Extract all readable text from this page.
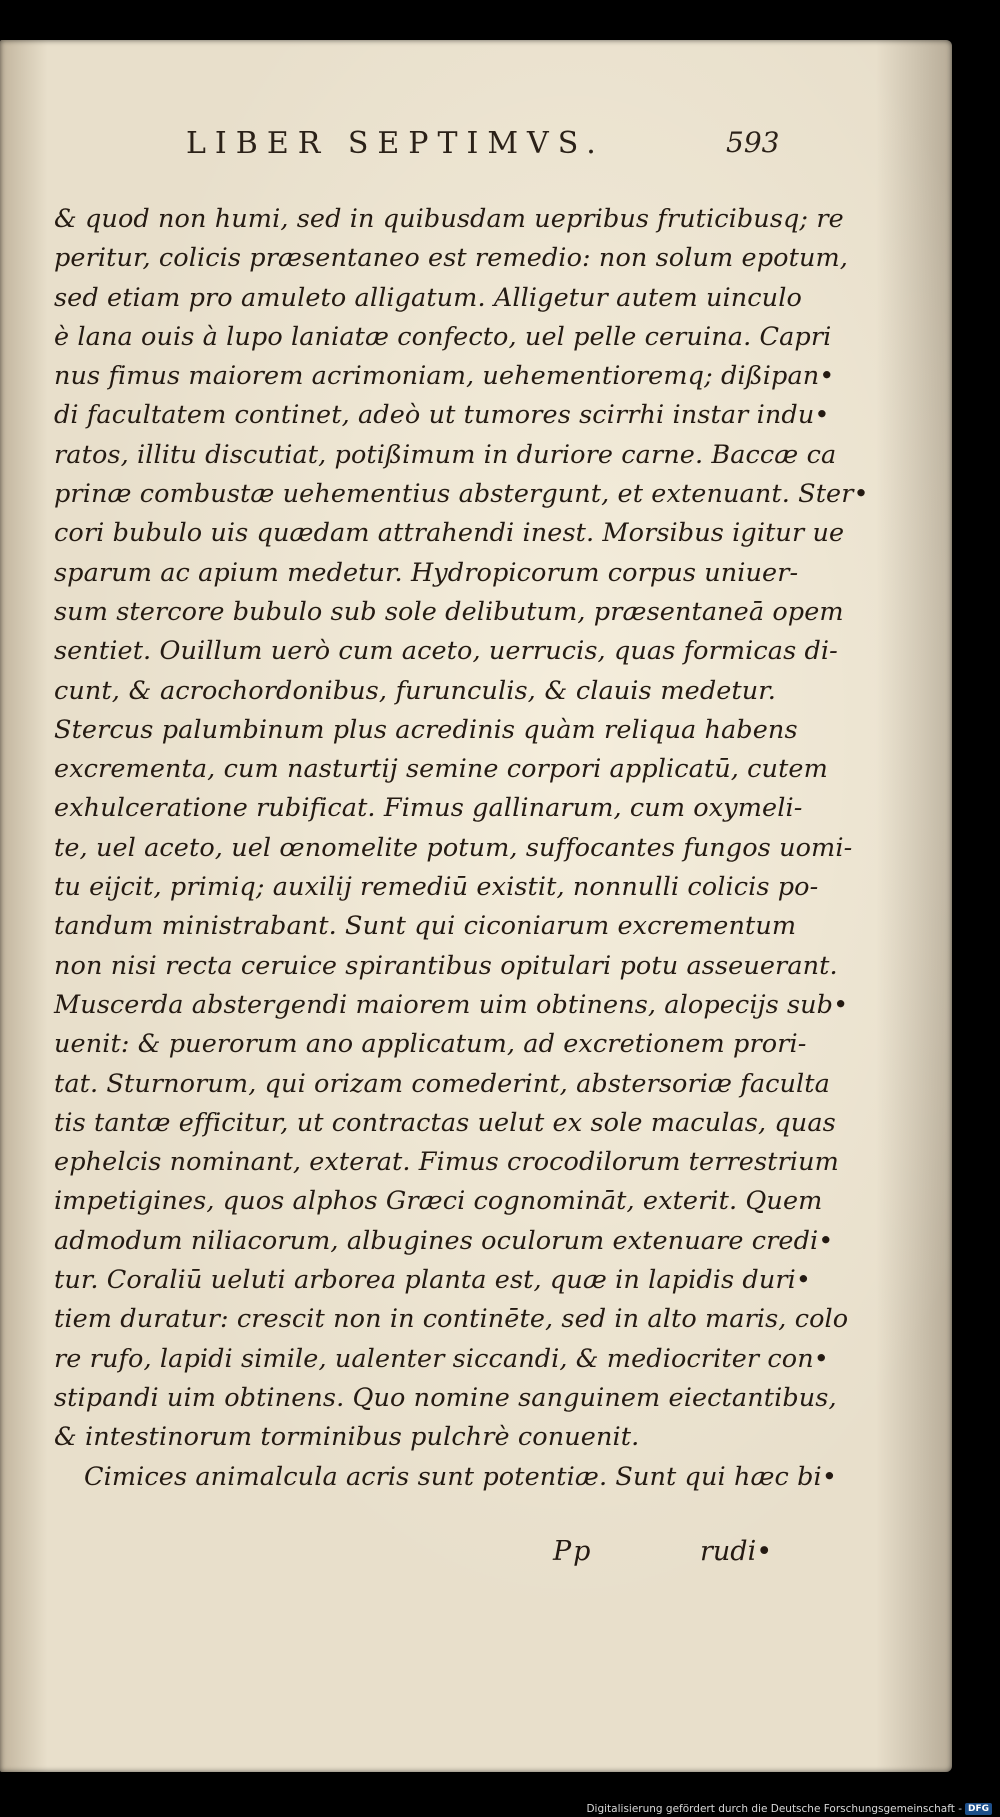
LIBER SEPTIMVS.	593
& quod non humi, sed in quibusdam uepribus fruticibusq; re
peritur, colicis præsentaneo est remedio: non solum epotum,
sed etiam pro amuleto alligatum. Alligetur autem uinculo
è lana ouis à lupo laniatæ confecto, uel pelle ceruina. Capri
nus fimus maiorem acrimoniam, uehementioremq; dißipan•
di facultatem continet, adeò ut tumores scirrhi instar indu•
ratos, illitu discutiat, potißimum in duriore carne. Baccæ ca
prinæ combustæ uehementius abstergunt, et extenuant. Ster•
cori bubulo uis quædam attrahendi inest. Morsibus igitur ue
sparum ac apium medetur. Hydropicorum corpus uniuer-
sum stercore bubulo sub sole delibutum, præsentaneā opem
sentiet. Ouillum uerò cum aceto, uerrucis, quas formicas di-
cunt, & acrochordonibus, furunculis, & clauis medetur.
Stercus palumbinum plus acredinis quàm reliqua habens
excrementa, cum nasturtij semine corpori applicatū, cutem
exhulceratione rubificat. Fimus gallinarum, cum oxymeli-
te, uel aceto, uel œnomelite potum, suffocantes fungos uomi-
tu eijcit, primiq; auxilij remediū existit, nonnulli colicis po-
tandum ministrabant. Sunt qui ciconiarum excrementum
non nisi recta ceruice spirantibus opitulari potu asseuerant.
Muscerda abstergendi maiorem uim obtinens, alopecijs sub•
uenit: & puerorum ano applicatum, ad excretionem prori-
tat. Sturnorum, qui orizam comederint, abstersoriæ faculta
tis tantæ efficitur, ut contractas uelut ex sole maculas, quas
ephelcis nominant, exterat. Fimus crocodilorum terrestrium
impetigines, quos alphos Græci cognomināt, exterit. Quem
admodum niliacorum, albugines oculorum extenuare credi•
tur. Coraliū ueluti arborea planta est, quæ in lapidis duri•
tiem duratur: crescit non in continēte, sed in alto maris, colo
re rufo, lapidi simile, ualenter siccandi, & mediocriter con•
stipandi uim obtinens. Quo nomine sanguinem eiectantibus,
& intestinorum torminibus pulchrè conuenit.
Cimices animalcula acris sunt potentiæ. Sunt qui hæc bi•
Pp	rudi•
Digitalisierung gefördert durch die Deutsche Forschungsgemeinschaft - DFG
